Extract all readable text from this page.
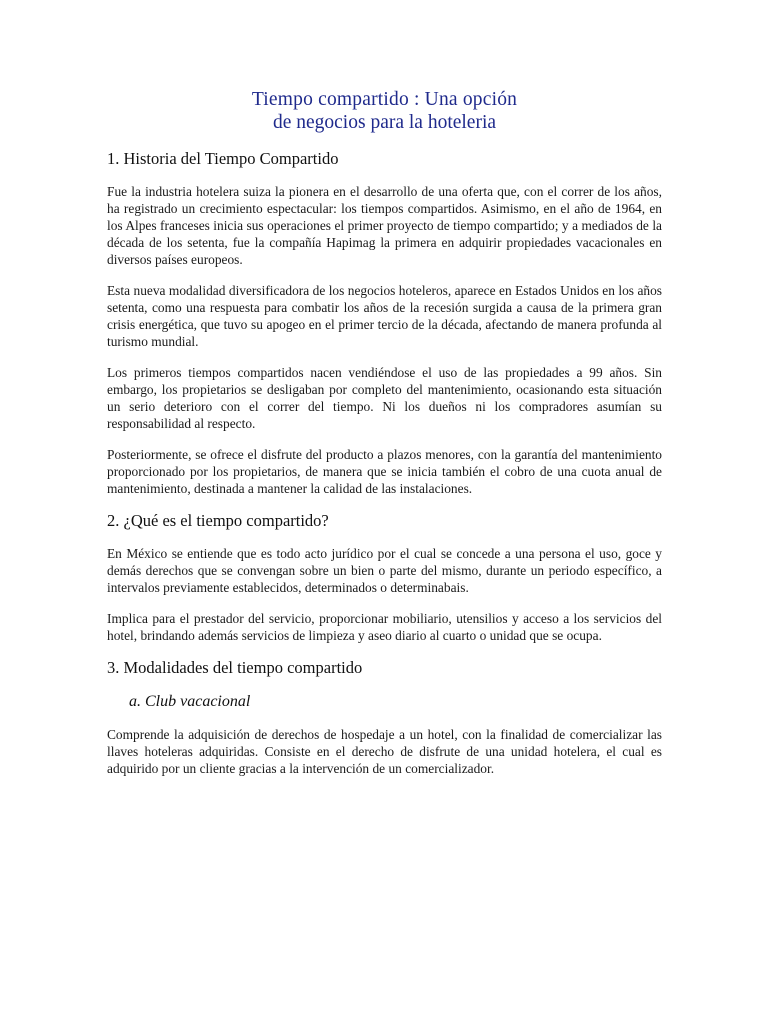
Tiempo compartido : Una opción
de negocios para la hoteleria
1. Historia del Tiempo Compartido

Fue la industria hotelera suiza la pionera en el desarrollo de una oferta que, con el correr de los años, ha registrado un crecimiento espectacular: los tiempos compartidos. Asimismo, en el año de 1964, en los Alpes franceses inicia sus operaciones el primer proyecto de tiempo compartido; y a mediados de la década de los setenta, fue la compañía Hapimag la primera en adquirir propiedades vacacionales en diversos países europeos.

Esta nueva modalidad diversificadora de los negocios hoteleros, aparece en Estados Unidos en los años setenta, como una respuesta para combatir los años de la recesión surgida a causa de la primera gran crisis energética, que tuvo su apogeo en el primer tercio de la década, afectando de manera profunda al turismo mundial.

Los primeros tiempos compartidos nacen vendiéndose el uso de las propiedades a 99 años. Sin embargo, los propietarios se desligaban por completo del mantenimiento, ocasionando esta situación un serio deterioro con el correr del tiempo. Ni los dueños ni los compradores asumían su responsabilidad al respecto.

Posteriormente, se ofrece el disfrute del producto a plazos menores, con la garantía del mantenimiento proporcionado por los propietarios, de manera que se inicia también el cobro de una cuota anual de mantenimiento, destinada a mantener la calidad de las instalaciones.

2. ¿Qué es el tiempo compartido?

En México se entiende que es todo acto jurídico por el cual se concede a una persona el uso, goce y demás derechos que se convengan sobre un bien o parte del mismo, durante un periodo específico, a intervalos previamente establecidos, determinados o determinabais.

Implica para el prestador del servicio, proporcionar mobiliario, utensilios y acceso a los servicios del hotel, brindando además servicios de limpieza y aseo diario al cuarto o unidad que se ocupa.

3. Modalidades del tiempo compartido
a. Club vacacional

Comprende la adquisición de derechos de hospedaje a un hotel, con la finalidad de comercializar las llaves hoteleras adquiridas. Consiste en el derecho de disfrute de una unidad hotelera, el cual es adquirido por un cliente gracias a la intervención de un comercializador.
